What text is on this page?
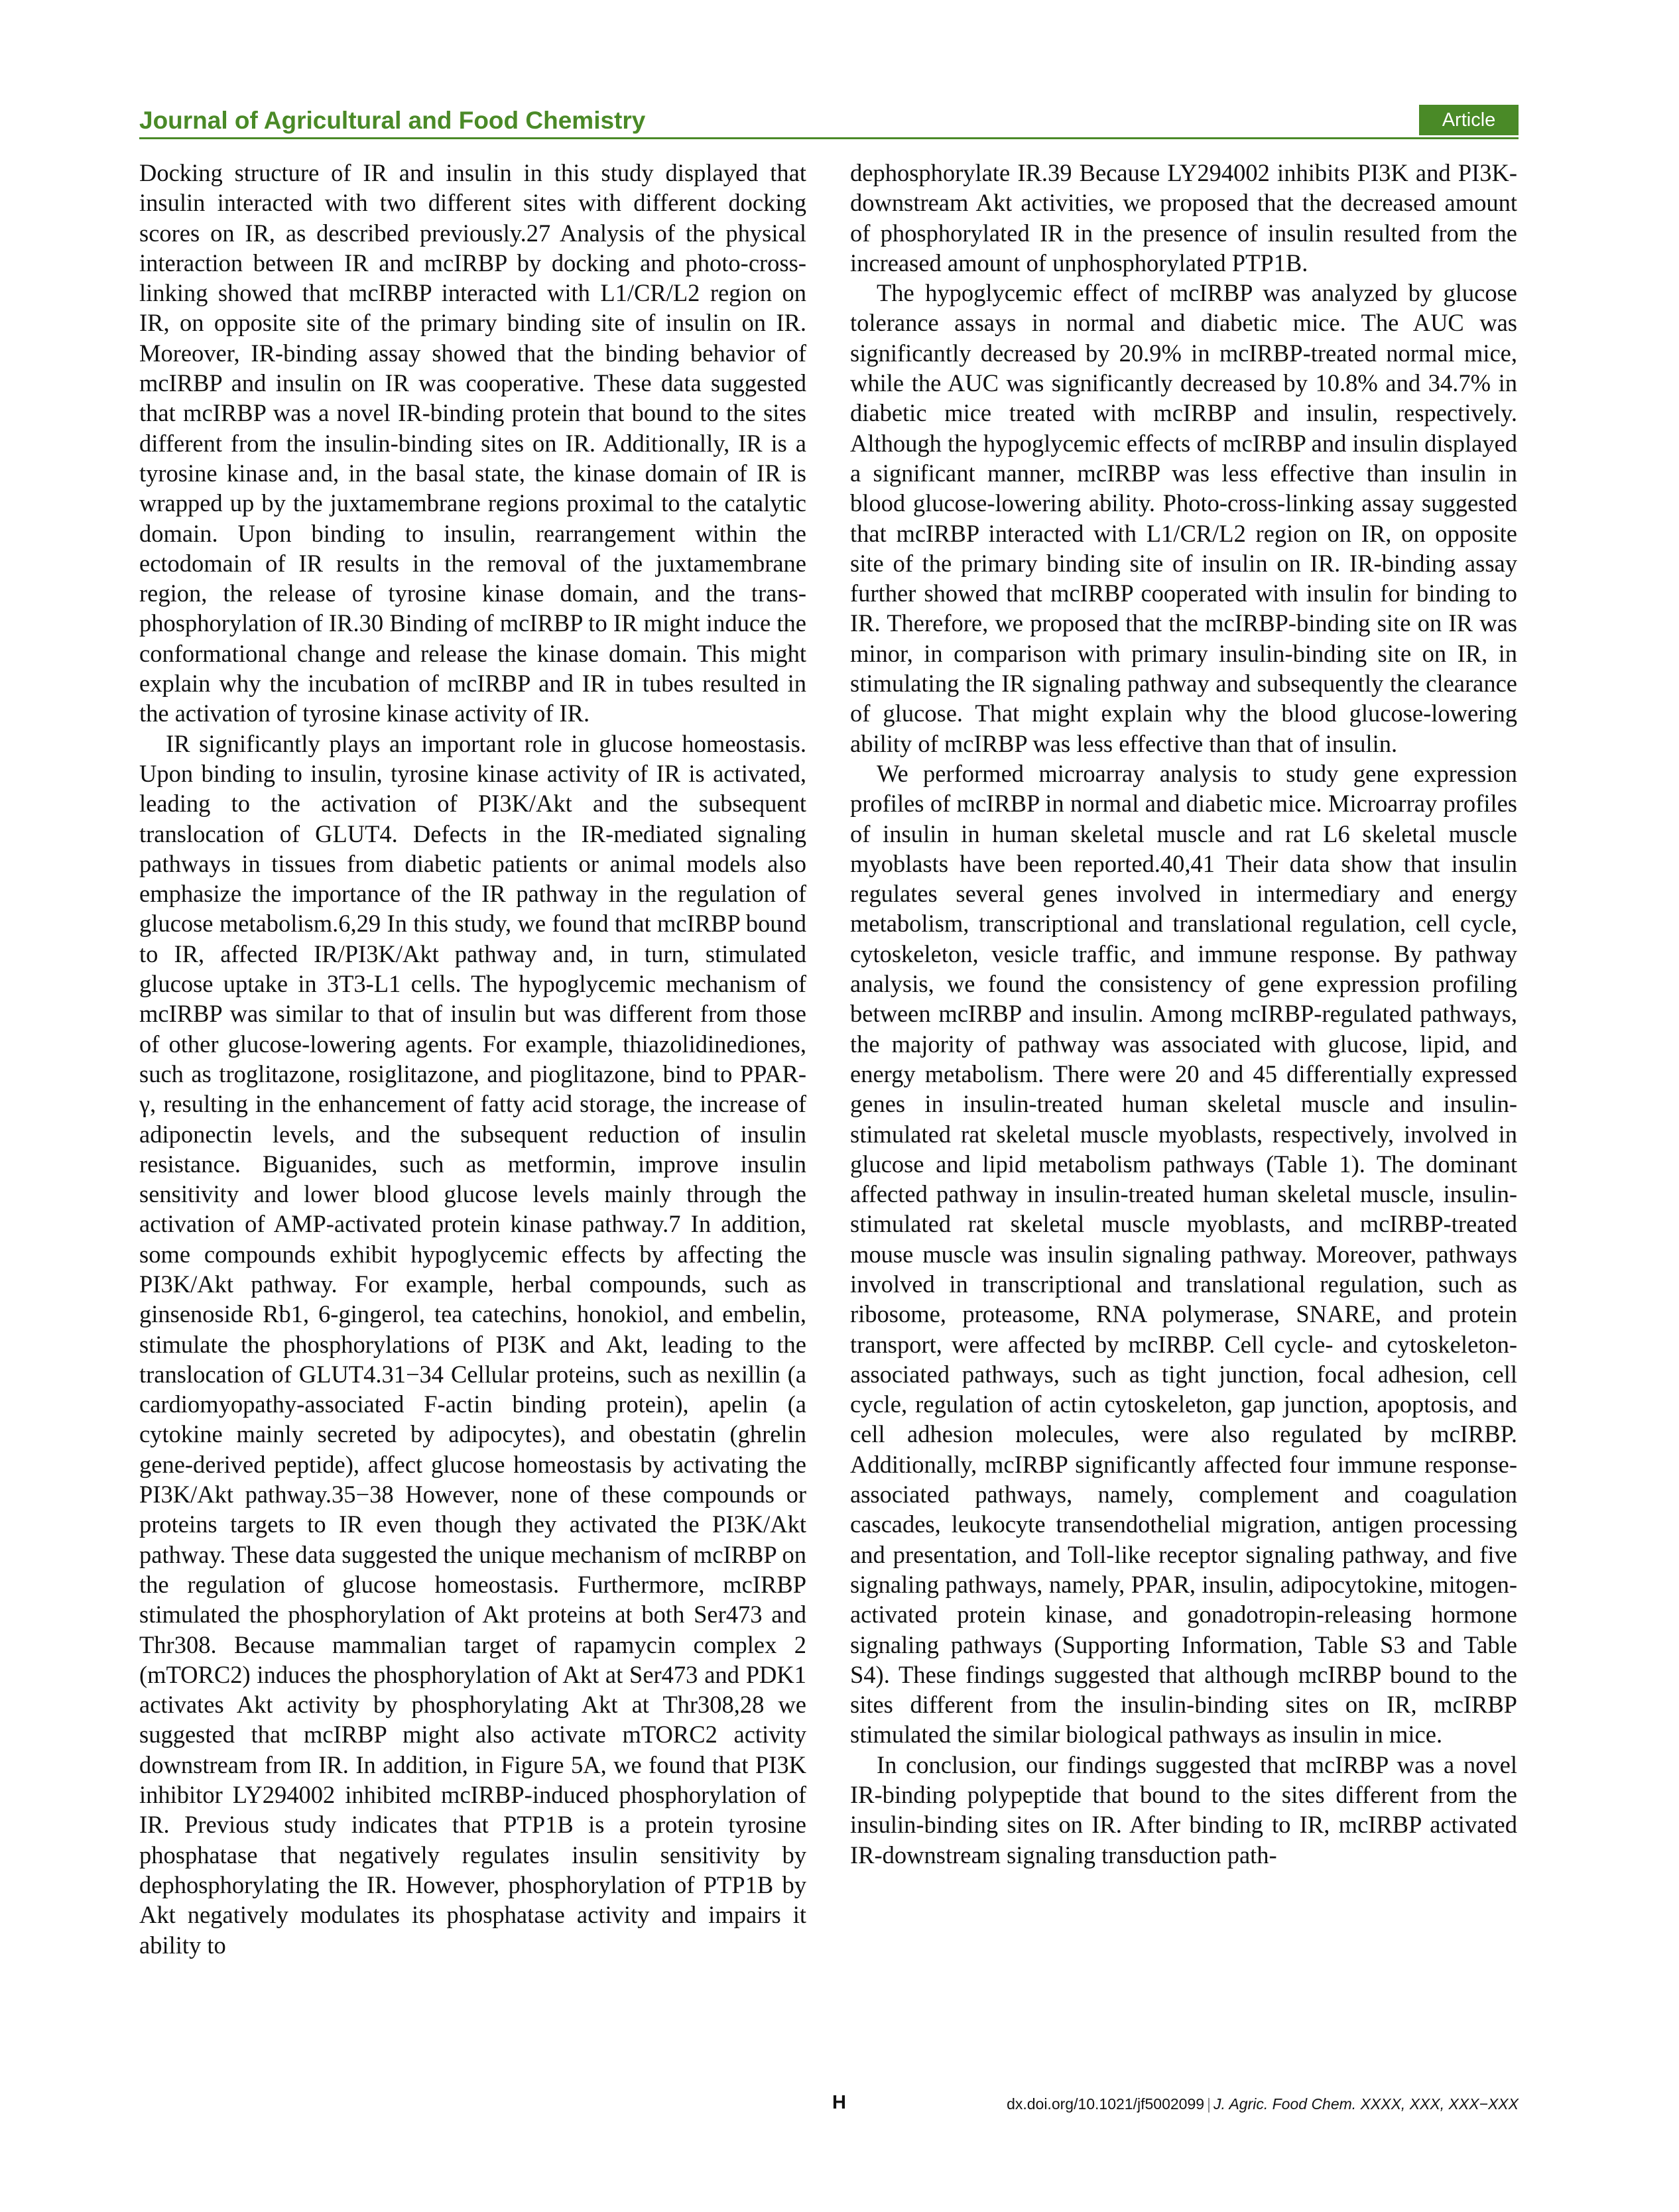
Journal of Agricultural and Food Chemistry	Article

Docking structure of IR and insulin in this study displayed that insulin interacted with two different sites with different docking scores on IR, as described previously.27 Analysis of the physical interaction between IR and mcIRBP by docking and photo-cross-linking showed that mcIRBP interacted with L1/CR/L2 region on IR, on opposite site of the primary binding site of insulin on IR. Moreover, IR-binding assay showed that the binding behavior of mcIRBP and insulin on IR was cooperative. These data suggested that mcIRBP was a novel IR-binding protein that bound to the sites different from the insulin-binding sites on IR. Additionally, IR is a tyrosine kinase and, in the basal state, the kinase domain of IR is wrapped up by the juxtamembrane regions proximal to the catalytic domain. Upon binding to insulin, rearrangement within the ectodomain of IR results in the removal of the juxtamembrane region, the release of tyrosine kinase domain, and the trans-phosphorylation of IR.30 Binding of mcIRBP to IR might induce the conformational change and release the kinase domain. This might explain why the incubation of mcIRBP and IR in tubes resulted in the activation of tyrosine kinase activity of IR.

IR significantly plays an important role in glucose homeostasis. Upon binding to insulin, tyrosine kinase activity of IR is activated, leading to the activation of PI3K/Akt and the subsequent translocation of GLUT4. Defects in the IR-mediated signaling pathways in tissues from diabetic patients or animal models also emphasize the importance of the IR pathway in the regulation of glucose metabolism.6,29 In this study, we found that mcIRBP bound to IR, affected IR/PI3K/Akt pathway and, in turn, stimulated glucose uptake in 3T3-L1 cells. The hypoglycemic mechanism of mcIRBP was similar to that of insulin but was different from those of other glucose-lowering agents. For example, thiazolidinediones, such as troglitazone, rosiglitazone, and pioglitazone, bind to PPAR-γ, resulting in the enhancement of fatty acid storage, the increase of adiponectin levels, and the subsequent reduction of insulin resistance. Biguanides, such as metformin, improve insulin sensitivity and lower blood glucose levels mainly through the activation of AMP-activated protein kinase pathway.7 In addition, some compounds exhibit hypoglycemic effects by affecting the PI3K/Akt pathway. For example, herbal compounds, such as ginsenoside Rb1, 6-gingerol, tea catechins, honokiol, and embelin, stimulate the phosphorylations of PI3K and Akt, leading to the translocation of GLUT4.31−34 Cellular proteins, such as nexillin (a cardiomyopathy-associated F-actin binding protein), apelin (a cytokine mainly secreted by adipocytes), and obestatin (ghrelin gene-derived peptide), affect glucose homeostasis by activating the PI3K/Akt pathway.35−38 However, none of these compounds or proteins targets to IR even though they activated the PI3K/Akt pathway. These data suggested the unique mechanism of mcIRBP on the regulation of glucose homeostasis. Furthermore, mcIRBP stimulated the phosphorylation of Akt proteins at both Ser473 and Thr308. Because mammalian target of rapamycin complex 2 (mTORC2) induces the phosphorylation of Akt at Ser473 and PDK1 activates Akt activity by phosphorylating Akt at Thr308,28 we suggested that mcIRBP might also activate mTORC2 activity downstream from IR. In addition, in Figure 5A, we found that PI3K inhibitor LY294002 inhibited mcIRBP-induced phosphorylation of IR. Previous study indicates that PTP1B is a protein tyrosine phosphatase that negatively regulates insulin sensitivity by dephosphorylating the IR. However, phosphorylation of PTP1B by Akt negatively modulates its phosphatase activity and impairs it ability to

dephosphorylate IR.39 Because LY294002 inhibits PI3K and PI3K-downstream Akt activities, we proposed that the decreased amount of phosphorylated IR in the presence of insulin resulted from the increased amount of unphosphorylated PTP1B.

The hypoglycemic effect of mcIRBP was analyzed by glucose tolerance assays in normal and diabetic mice. The AUC was significantly decreased by 20.9% in mcIRBP-treated normal mice, while the AUC was significantly decreased by 10.8% and 34.7% in diabetic mice treated with mcIRBP and insulin, respectively. Although the hypoglycemic effects of mcIRBP and insulin displayed a significant manner, mcIRBP was less effective than insulin in blood glucose-lowering ability. Photo-cross-linking assay suggested that mcIRBP interacted with L1/CR/L2 region on IR, on opposite site of the primary binding site of insulin on IR. IR-binding assay further showed that mcIRBP cooperated with insulin for binding to IR. Therefore, we proposed that the mcIRBP-binding site on IR was minor, in comparison with primary insulin-binding site on IR, in stimulating the IR signaling pathway and subsequently the clearance of glucose. That might explain why the blood glucose-lowering ability of mcIRBP was less effective than that of insulin.

We performed microarray analysis to study gene expression profiles of mcIRBP in normal and diabetic mice. Microarray profiles of insulin in human skeletal muscle and rat L6 skeletal muscle myoblasts have been reported.40,41 Their data show that insulin regulates several genes involved in intermediary and energy metabolism, transcriptional and translational regulation, cell cycle, cytoskeleton, vesicle traffic, and immune response. By pathway analysis, we found the consistency of gene expression profiling between mcIRBP and insulin. Among mcIRBP-regulated pathways, the majority of pathway was associated with glucose, lipid, and energy metabolism. There were 20 and 45 differentially expressed genes in insulin-treated human skeletal muscle and insulin-stimulated rat skeletal muscle myoblasts, respectively, involved in glucose and lipid metabolism pathways (Table 1). The dominant affected pathway in insulin-treated human skeletal muscle, insulin-stimulated rat skeletal muscle myoblasts, and mcIRBP-treated mouse muscle was insulin signaling pathway. Moreover, pathways involved in transcriptional and translational regulation, such as ribosome, proteasome, RNA polymerase, SNARE, and protein transport, were affected by mcIRBP. Cell cycle- and cytoskeleton-associated pathways, such as tight junction, focal adhesion, cell cycle, regulation of actin cytoskeleton, gap junction, apoptosis, and cell adhesion molecules, were also regulated by mcIRBP. Additionally, mcIRBP significantly affected four immune response-associated pathways, namely, complement and coagulation cascades, leukocyte transendothelial migration, antigen processing and presentation, and Toll-like receptor signaling pathway, and five signaling pathways, namely, PPAR, insulin, adipocytokine, mitogen-activated protein kinase, and gonadotropin-releasing hormone signaling pathways (Supporting Information, Table S3 and Table S4). These findings suggested that although mcIRBP bound to the sites different from the insulin-binding sites on IR, mcIRBP stimulated the similar biological pathways as insulin in mice.

In conclusion, our findings suggested that mcIRBP was a novel IR-binding polypeptide that bound to the sites different from the insulin-binding sites on IR. After binding to IR, mcIRBP activated IR-downstream signaling transduction path-

H	dx.doi.org/10.1021/jf5002099 | J. Agric. Food Chem. XXXX, XXX, XXX−XXX
